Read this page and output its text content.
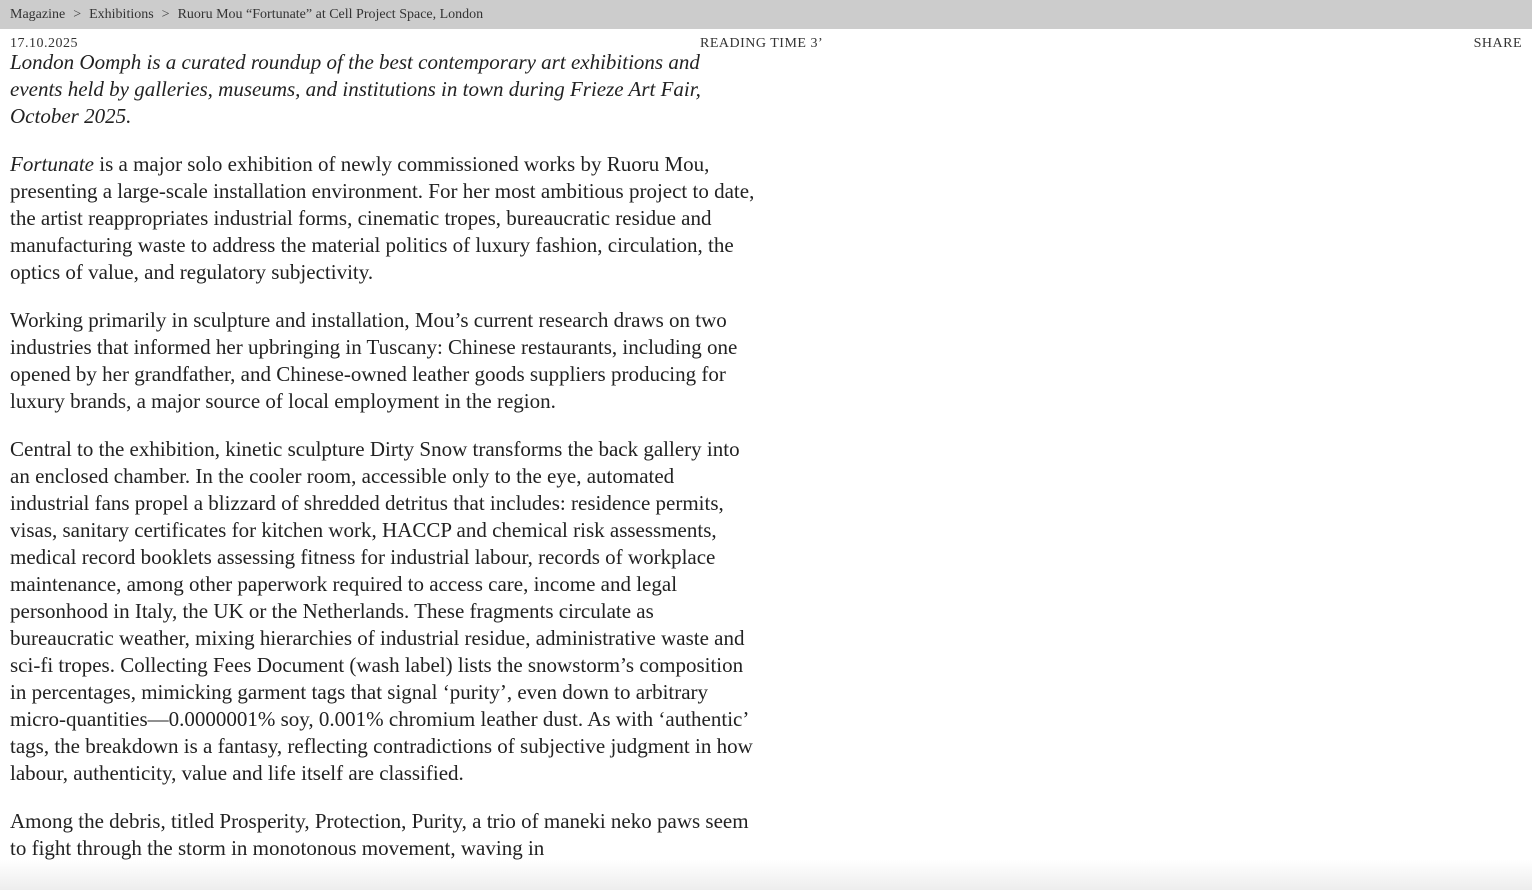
Magazine > Exhibitions > Ruoru Mou “Fortunate” at Cell Project Space, London
17.10.2025	READING TIME 3’	SHARE

London Oomph is a curated roundup of the best contemporary art exhibitions and events held by galleries, museums, and institutions in town during Frieze Art Fair, October 2025.

Fortunate is a major solo exhibition of newly commissioned works by Ruoru Mou, presenting a large-scale installation environment. For her most ambitious project to date, the artist reappropriates industrial forms, cinematic tropes, bureaucratic residue and manufacturing waste to address the material politics of luxury fashion, circulation, the optics of value, and regulatory subjectivity.

Working primarily in sculpture and installation, Mou’s current research draws on two industries that informed her upbringing in Tuscany: Chinese restaurants, including one opened by her grandfather, and Chinese-owned leather goods suppliers producing for luxury brands, a major source of local employment in the region.

Central to the exhibition, kinetic sculpture Dirty Snow transforms the back gallery into an enclosed chamber. In the cooler room, accessible only to the eye, automated industrial fans propel a blizzard of shredded detritus that includes: residence permits, visas, sanitary certificates for kitchen work, HACCP and chemical risk assessments, medical record booklets assessing fitness for industrial labour, records of workplace maintenance, among other paperwork required to access care, income and legal personhood in Italy, the UK or the Netherlands. These fragments circulate as bureaucratic weather, mixing hierarchies of industrial residue, administrative waste and sci-fi tropes. Collecting Fees Document (wash label) lists the snowstorm’s composition in percentages, mimicking garment tags that signal ‘purity’, even down to arbitrary micro-quantities—0.0000001% soy, 0.001% chromium leather dust. As with ‘authentic’ tags, the breakdown is a fantasy, reflecting contradictions of subjective judgment in how labour, authenticity, value and life itself are classified.

Among the debris, titled Prosperity, Protection, Purity, a trio of maneki neko paws seem to fight through the storm in monotonous movement, waving in
